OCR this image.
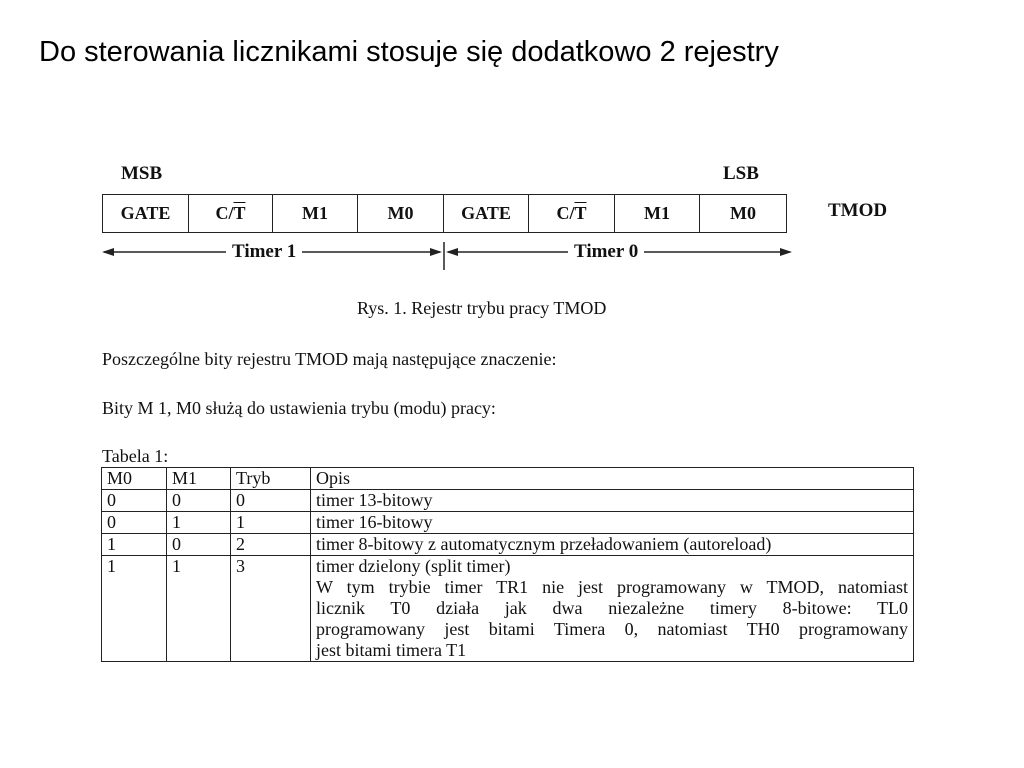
Do sterowania licznikami stosuje się dodatkowo 2 rejestry
MSB	LSB
TMOD
GATE	C/ $\overline{T}$	M1	M0	GATE	C/ $\overline{T}$	M1	M0
Timer 1	Timer 0
Rys. 1. Rejestr trybu pracy TMOD
Poszczególne bity rejestru TMOD mają następujące znaczenie:
Bity M 1, M0 służą do ustawienia trybu (modu) pracy:
Tabela 1:
M0	M1	Tryb	Opis
0	0	0	timer 13-bitowy
0	1	1	timer 16-bitowy
1	0	2	timer 8-bitowy z automatycznym przeładowaniem (autoreload)
1	1	3	timer dzielony (split timer)
W tym trybie timer TR1 nie jest programowany w TMOD, natomiast
licznik T0 działa jak dwa niezależne timery 8-bitowe: TL0
programowany jest bitami Timera 0, natomiast TH0 programowany
jest bitami timera T1
